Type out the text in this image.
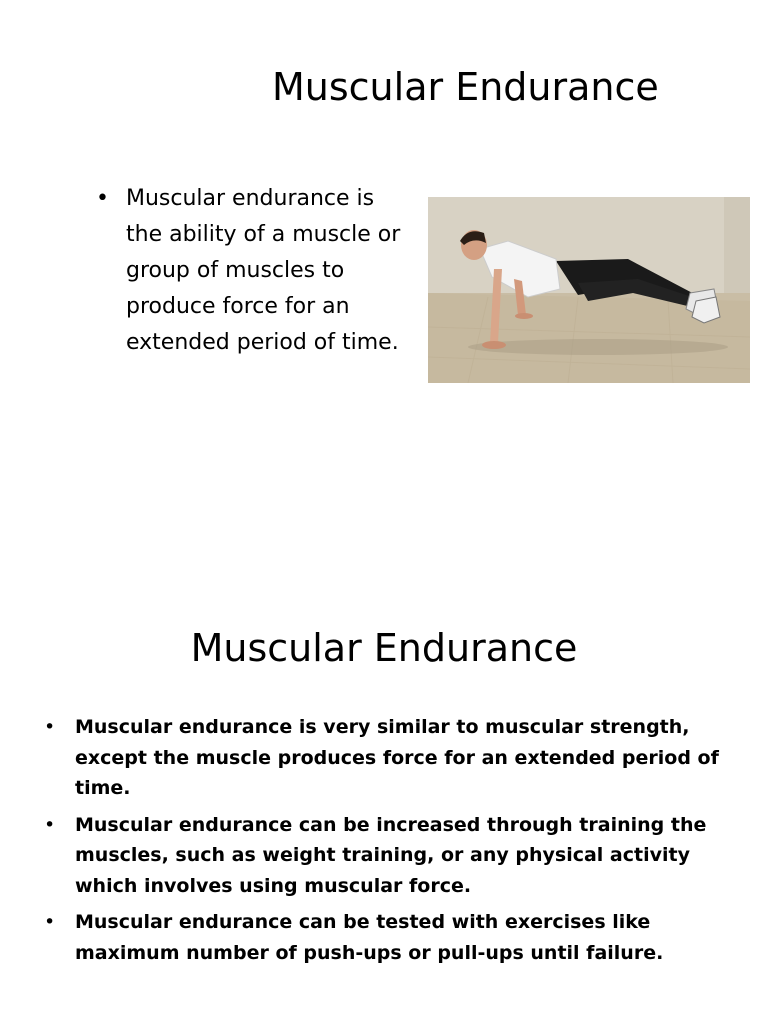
Muscular Endurance
• Muscular endurance is the ability of a muscle or group of muscles to produce force for an extended period of time.
Muscular Endurance
• Muscular endurance is very similar to muscular strength, except the muscle produces force for an extended period of time.
• Muscular endurance can be increased through training the muscles, such as weight training, or any physical activity which involves using muscular force.
• Muscular endurance can be tested with exercises like maximum number of push-ups or pull-ups until failure.
